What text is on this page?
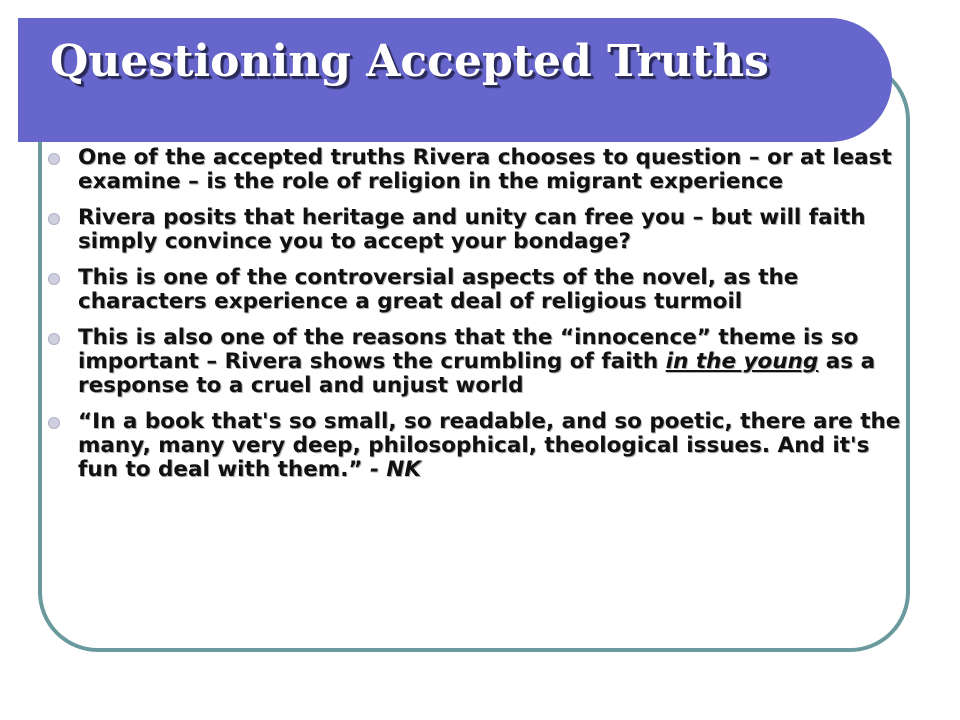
Questioning Accepted Truths
One of the accepted truths Rivera chooses to question – or at least examine – is the role of religion in the migrant experience
Rivera posits that heritage and unity can free you – but will faith simply convince you to accept your bondage?
This is one of the controversial aspects of the novel, as the characters experience a great deal of religious turmoil
This is also one of the reasons that the “innocence” theme is so important – Rivera shows the crumbling of faith in the young as a response to a cruel and unjust world
“In a book that's so small, so readable, and so poetic, there are the many, many very deep, philosophical, theological issues. And it's fun to deal with them.” - NK
